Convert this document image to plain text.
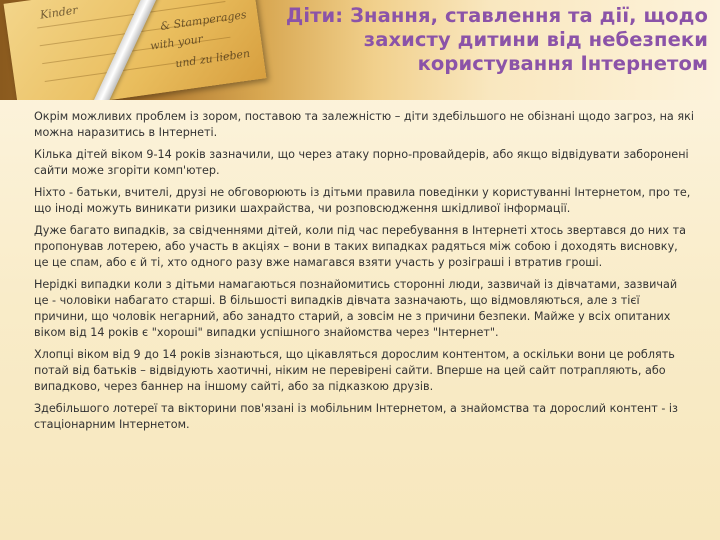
Kinder	& Stamperages
with your
und zu lieben
Діти: Знання, ставлення та дії, щодо захисту дитини від небезпеки користування Інтернетом

Окрім можливих проблем із зором, поставою та залежністю – діти здебільшого не обізнані щодо загроз, на які можна наразитись в Інтернеті.

Кілька дітей віком 9-14 років зазначили, що через атаку порно-провайдерів, або якщо відвідувати заборонені сайти може згоріти комп'ютер.

Ніхто - батьки, вчителі, друзі не обговорюють із дітьми правила поведінки у користуванні Інтернетом, про те, що іноді можуть виникати ризики шахрайства, чи розповсюдження шкідливої інформації.

Дуже багато випадків, за свідченнями дітей, коли під час перебування в Інтернеті хтось звертався до них та пропонував лотерею, або участь в акціях – вони в таких випадках радяться між собою і доходять висновку, це це спам, або є й ті, хто одного разу вже намагався взяти участь у розіграші і втратив гроші.

Нерідкі випадки коли з дітьми намагаються познайомитись сторонні люди, зазвичай із дівчатами, зазвичай це - чоловіки набагато старші. В більшості випадків дівчата зазначають, що відмовляються, але з тієї причини, що чоловік негарний, або занадто старий, а зовсім не з причини безпеки. Майже у всіх опитаних віком від 14 років є "хороші" випадки успішного знайомства через "Інтернет".

Хлопці віком від 9 до 14 років зізнаються, що цікавляться дорослим контентом, а оскільки вони це роблять потай від батьків – відвідують хаотичні, ніким не перевірені сайти. Вперше на цей сайт потрапляють, або випадково, через баннер на іншому сайті, або за підказкою друзів.

Здебільшого лотереї та вікторини пов'язані із мобільним Інтернетом, а знайомства та дорослий контент - із стаціонарним Інтернетом.
